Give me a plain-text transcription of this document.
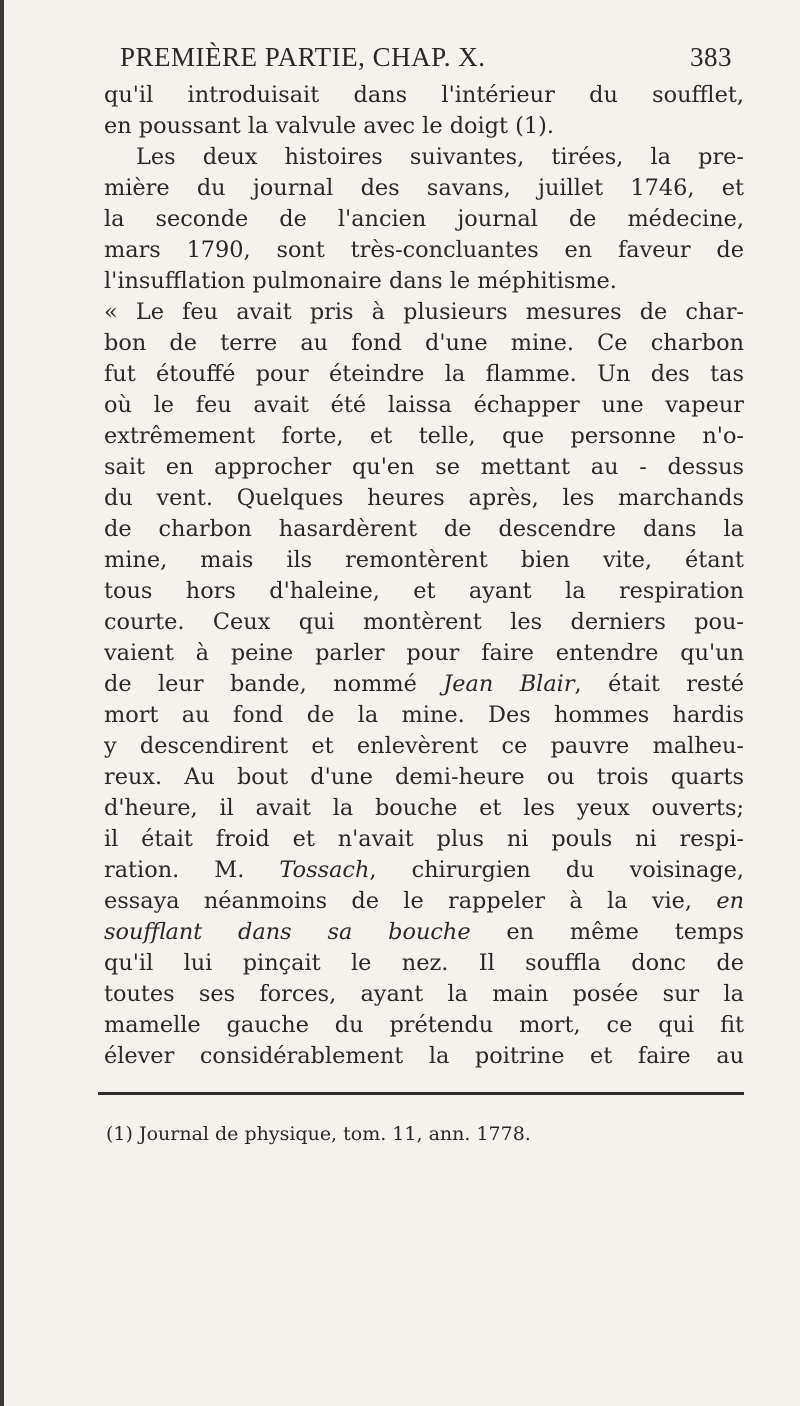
PREMIÈRE PARTIE, CHAP. X.	383
qu'il introduisait dans l'intérieur du soufflet,
en poussant la valvule avec le doigt (1).
Les deux histoires suivantes, tirées, la pre-
mière du journal des savans, juillet 1746, et
la seconde de l'ancien journal de médecine,
mars 1790, sont très-concluantes en faveur de
l'insufflation pulmonaire dans le méphitisme.
« Le feu avait pris à plusieurs mesures de char-
bon de terre au fond d'une mine. Ce charbon
fut étouffé pour éteindre la flamme. Un des tas
où le feu avait été laissa échapper une vapeur
extrêmement forte, et telle, que personne n'o-
sait en approcher qu'en se mettant au - dessus
du vent. Quelques heures après, les marchands
de charbon hasardèrent de descendre dans la
mine, mais ils remontèrent bien vite, étant
tous hors d'haleine, et ayant la respiration
courte. Ceux qui montèrent les derniers pou-
vaient à peine parler pour faire entendre qu'un
de leur bande, nommé Jean Blair, était resté
mort au fond de la mine. Des hommes hardis
y descendirent et enlevèrent ce pauvre malheu-
reux. Au bout d'une demi-heure ou trois quarts
d'heure, il avait la bouche et les yeux ouverts;
il était froid et n'avait plus ni pouls ni respi-
ration. M. Tossach, chirurgien du voisinage,
essaya néanmoins de le rappeler à la vie, en
soufflant dans sa bouche en même temps
qu'il lui pinçait le nez. Il souffla donc de
toutes ses forces, ayant la main posée sur la
mamelle gauche du prétendu mort, ce qui fit
élever considérablement la poitrine et faire au
(1) Journal de physique, tom. 11, ann. 1778.
